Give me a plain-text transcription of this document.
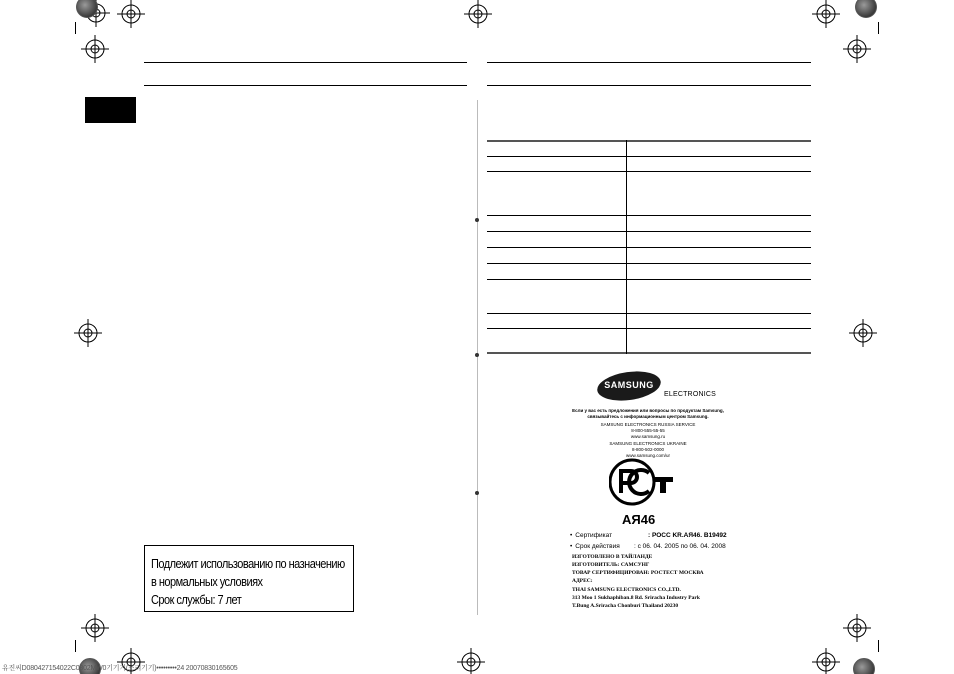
Подлежит использованию по назначению
в нормальных условиях
Срок службы: 7 лет
SAMSUNG
ELECTRONICS
Если у вас есть предложения или вопросы по продуктам Samsung,
связывайтесь с информационным центром Samsung.
SAMSUNG ELECTRONICS RUSSIA SERVICE
8-800-555-55-55
www.samsung.ru
SAMSUNG ELECTRONICS UKRAINE
8-800-502-0000
www.samsung.com/ur
АЯ46
• Сертификат	: РОСС KR.АЯ46. B19492
• Срок действия : с 06. 04. 2005 по 06. 04. 2008
ИЗГОТОВЛЕНО В ТАЙЛАНДЕ
ИЗГОТОВИТЕЛЬ: САМСУНГ
ТОВАР СЕРТИФИЦИРОВАН: РОСТЕСТ МОСКВА
АДРЕС:
THAI SAMSUNG ELECTRONICS CO.,LTD.
313 Moo 1 Sukhaphiban.8 Rd. Sriracha Industry Park
T.Bung A.Sriracha Chonburi Thailand 20230
유진씨D080427154022C0802MW0기기기(조리기기)•••••••••24 20070830165605
